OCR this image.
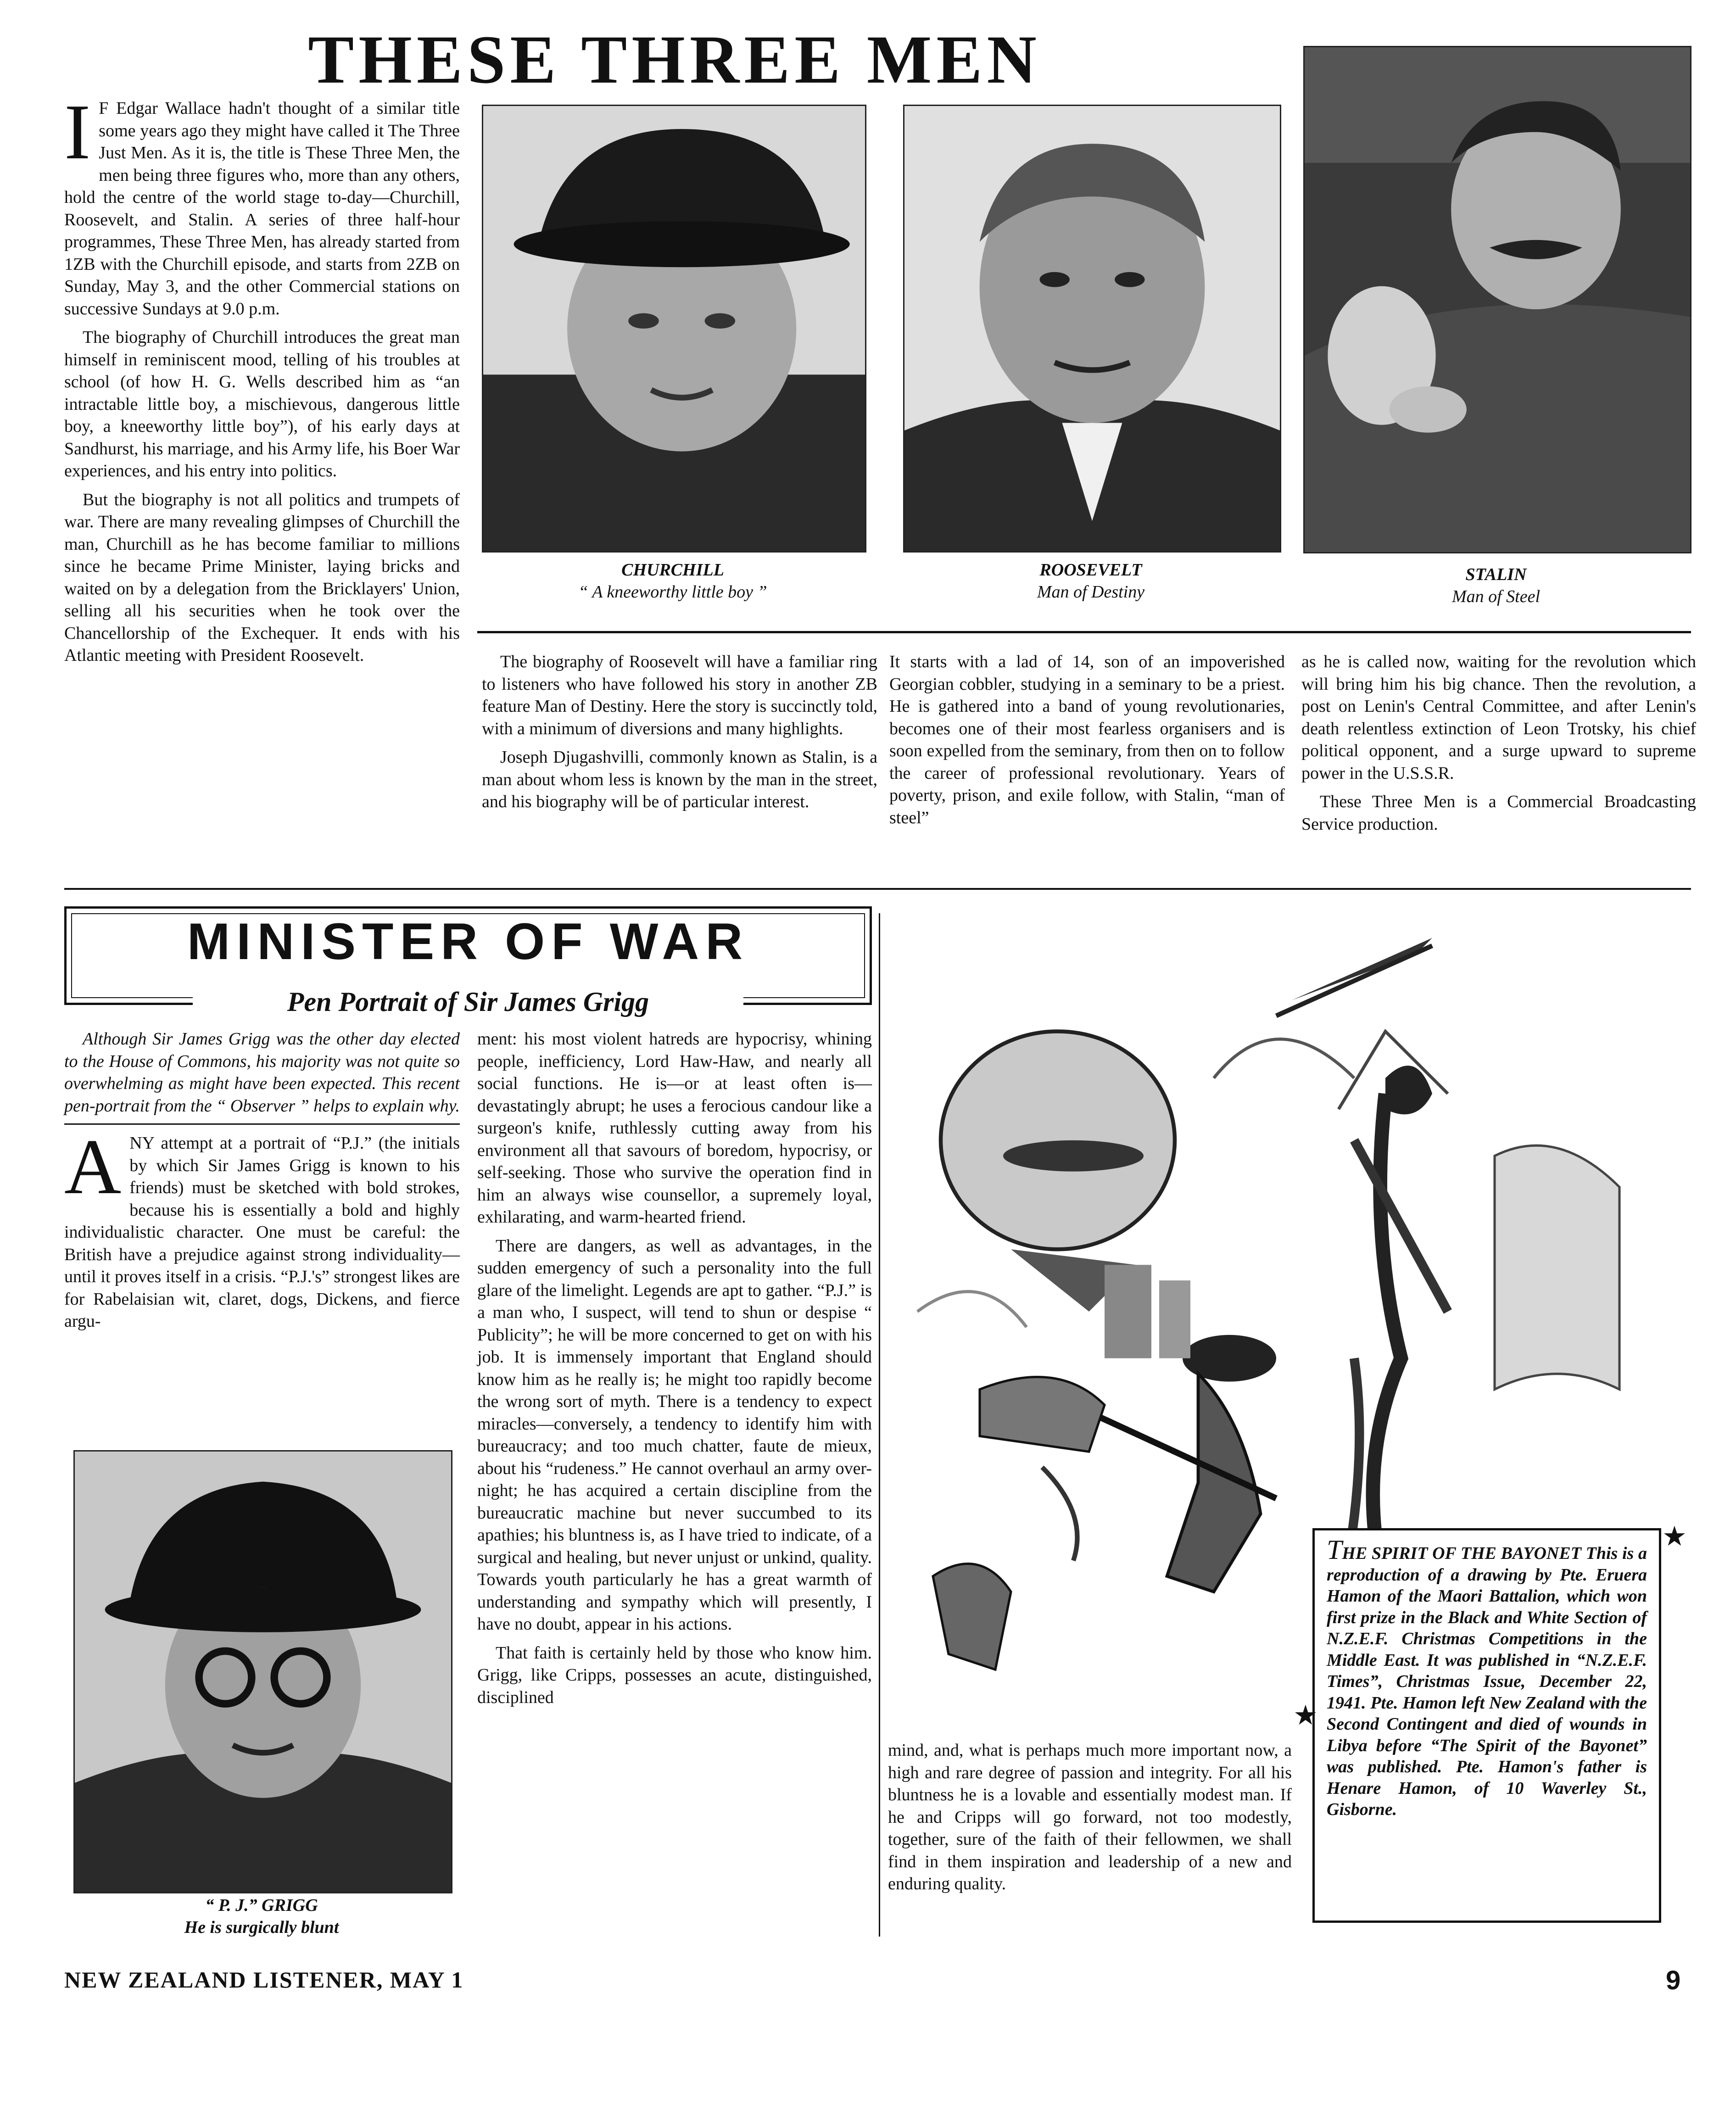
THESE THREE MEN
I F Edgar Wallace hadn't thought of a similar title some years ago they might have called it The Three Just Men. As it is, the title is These Three Men, the men being three figures who, more than any others, hold the centre of the world stage to-day—Churchill, Roosevelt, and Stalin. A series of three half-hour programmes, These Three Men, has already started from 1ZB with the Churchill episode, and starts from 2ZB on Sunday, May 3, and the other Commercial stations on successive Sundays at 9.0 p.m.

The biography of Churchill introduces the great man himself in reminiscent mood, telling of his troubles at school (of how H. G. Wells described him as “an intractable little boy, a mischievous, dangerous little boy, a kneeworthy little boy”), of his early days at Sandhurst, his marriage, and his Army life, his Boer War experiences, and his entry into politics.

But the biography is not all politics and trumpets of war. There are many revealing glimpses of Churchill the man, Churchill as he has become familiar to millions since he became Prime Minister, laying bricks and waited on by a delegation from the Bricklayers' Union, selling all his securities when he took over the Chancellorship of the Exchequer. It ends with his Atlantic meeting with President Roosevelt.

CHURCHILL
“ A kneeworthy little boy ”
ROOSEVELT
Man of Destiny
STALIN
Man of Steel

The biography of Roosevelt will have a familiar ring to listeners who have followed his story in another ZB feature Man of Destiny. Here the story is succinctly told, with a minimum of diversions and many highlights.

Joseph Djugashvilli, commonly known as Stalin, is a man about whom less is known by the man in the street, and his biography will be of particular interest.

It starts with a lad of 14, son of an impoverished Georgian cobbler, studying in a seminary to be a priest. He is gathered into a band of young revolutionaries, becomes one of their most fearless organisers and is soon expelled from the seminary, from then on to follow the career of professional revolutionary. Years of poverty, prison, and exile follow, with Stalin, “man of steel”

as he is called now, waiting for the revolution which will bring him his big chance. Then the revolution, a post on Lenin's Central Committee, and after Lenin's death relentless extinction of Leon Trotsky, his chief political opponent, and a surge upward to supreme power in the U.S.S.R.

These Three Men is a Commercial Broadcasting Service production.

MINISTER OF WAR
Pen Portrait of Sir James Grigg

Although Sir James Grigg was the other day elected to the House of Commons, his majority was not quite so overwhelming as might have been expected. This recent pen-portrait from the “ Observer ” helps to explain why.

A NY attempt at a portrait of “P.J.” (the initials by which Sir James Grigg is known to his friends) must be sketched with bold strokes, because his is essentially a bold and highly individualistic character. One must be careful: the British have a prejudice against strong individuality—until it proves itself in a crisis. “P.J.'s” strongest likes are for Rabelaisian wit, claret, dogs, Dickens, and fierce argu-

“ P. J.” GRIGG
He is surgically blunt

ment: his most violent hatreds are hypocrisy, whining people, inefficiency, Lord Haw-Haw, and nearly all social functions. He is—or at least often is—devastatingly abrupt; he uses a ferocious candour like a surgeon's knife, ruthlessly cutting away from his environment all that savours of boredom, hypocrisy, or self-seeking. Those who survive the operation find in him an always wise counsellor, a supremely loyal, exhilarating, and warm-hearted friend.

There are dangers, as well as advantages, in the sudden emergency of such a personality into the full glare of the limelight. Legends are apt to gather. “P.J.” is a man who, I suspect, will tend to shun or despise “ Publicity”; he will be more concerned to get on with his job. It is immensely important that England should know him as he really is; he might too rapidly become the wrong sort of myth. There is a tendency to expect miracles—conversely, a tendency to identify him with bureaucracy; and too much chatter, faute de mieux, about his “rudeness.” He cannot overhaul an army over-night; he has acquired a certain discipline from the bureaucratic machine but never succumbed to its apathies; his bluntness is, as I have tried to indicate, of a surgical and healing, but never unjust or unkind, quality. Towards youth particularly he has a great warmth of understanding and sympathy which will presently, I have no doubt, appear in his actions.

That faith is certainly held by those who know him. Grigg, like Cripps, possesses an acute, distinguished, disciplined

mind, and, what is perhaps much more important now, a high and rare degree of passion and integrity. For all his bluntness he is a lovable and essentially modest man. If he and Cripps will go forward, not too modestly, together, sure of the faith of their fellowmen, we shall find in them inspiration and leadership of a new and enduring quality.

THE SPIRIT OF THE BAYONET This is a reproduction of a drawing by Pte. Eruera Hamon of the Maori Battalion, which won first prize in the Black and White Section of N.Z.E.F. Christmas Competitions in the Middle East. It was published in “N.Z.E.F. Times”, Christmas Issue, December 22, 1941. Pte. Hamon left New Zealand with the Second Contingent and died of wounds in Libya before “The Spirit of the Bayonet” was published. Pte. Hamon's father is Henare Hamon, of 10 Waverley St., Gisborne.
★
★
NEW ZEALAND LISTENER, MAY 1	9
